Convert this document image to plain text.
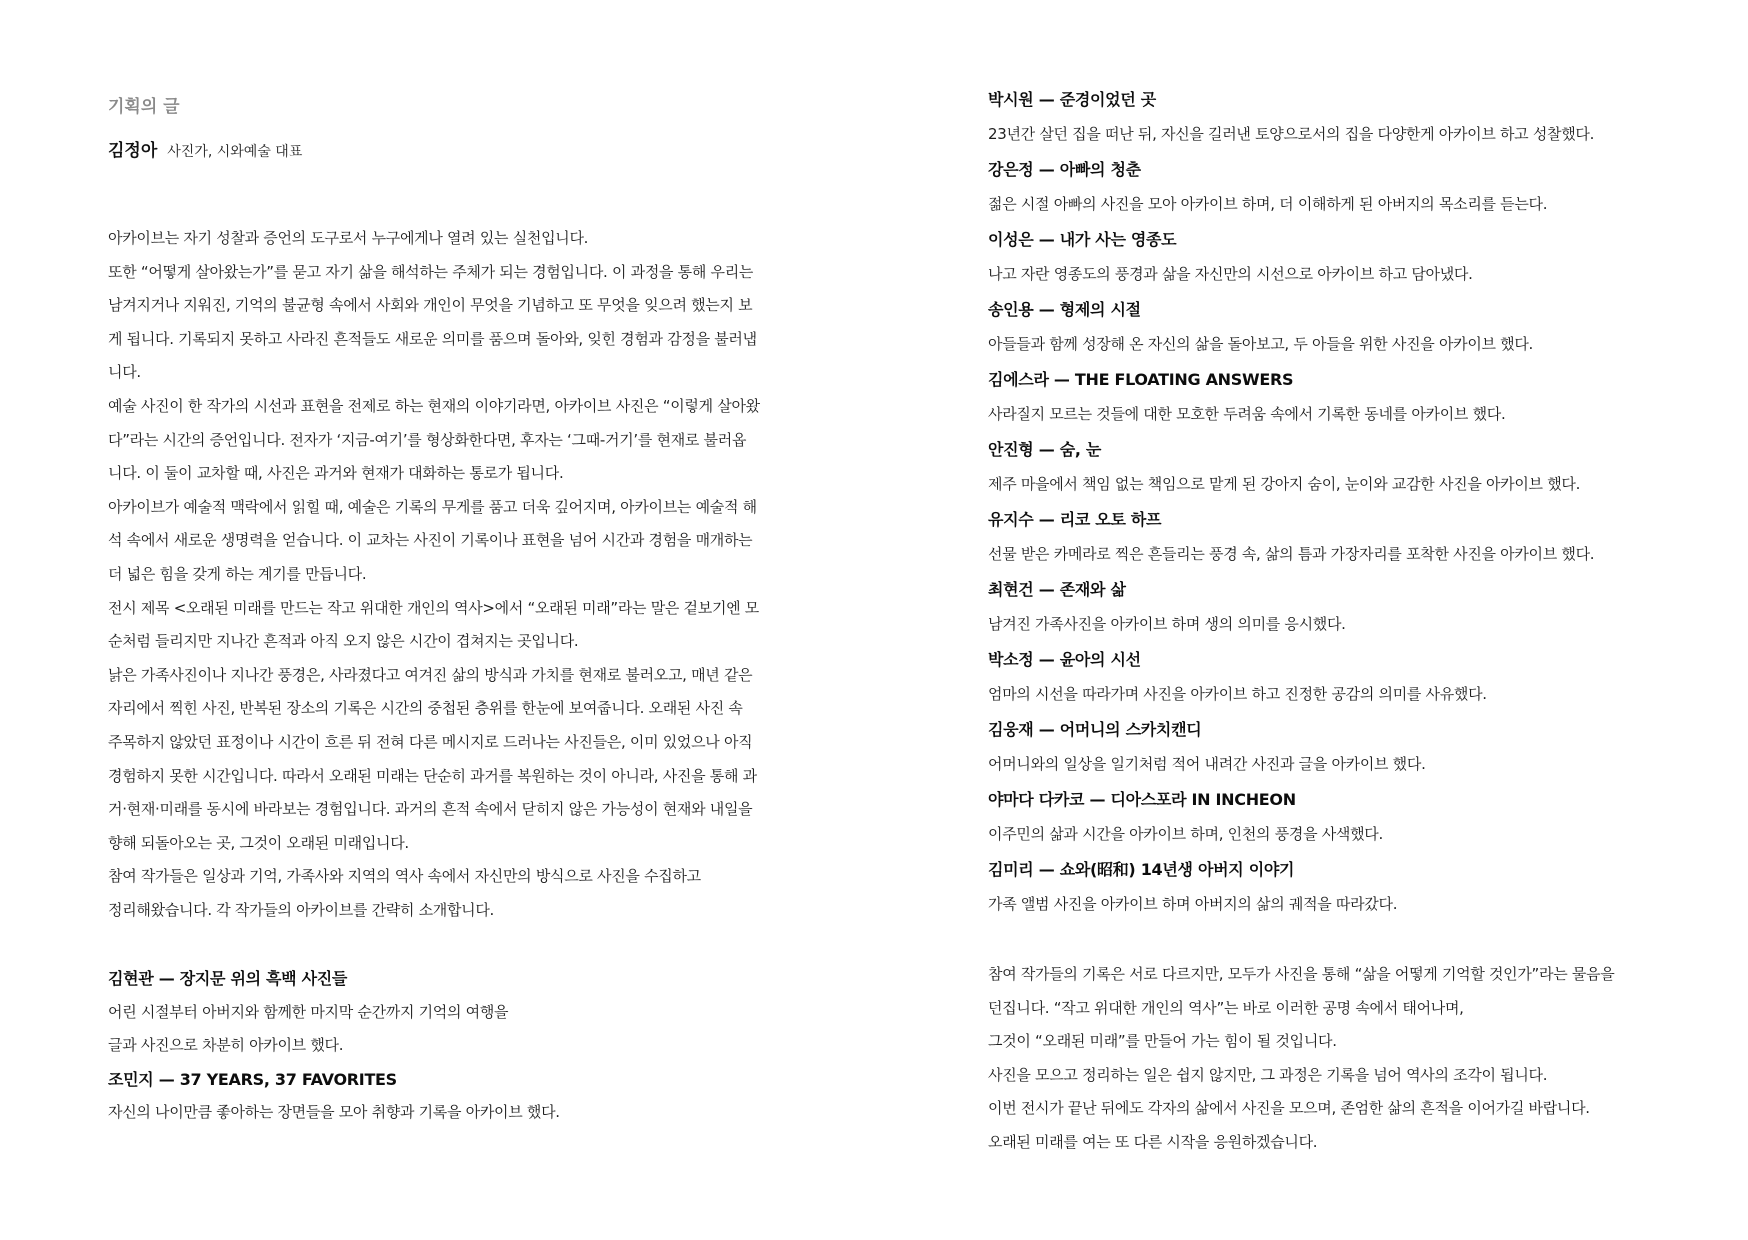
기획의 글
김정아 사진가, 시와예술 대표
아카이브는 자기 성찰과 증언의 도구로서 누구에게나 열려 있는 실천입니다.
또한 “어떻게 살아왔는가”를 묻고 자기 삶을 해석하는 주체가 되는 경험입니다. 이 과정을 통해 우리는
남겨지거나 지워진, 기억의 불균형 속에서 사회와 개인이 무엇을 기념하고 또 무엇을 잊으려 했는지 보
게 됩니다. 기록되지 못하고 사라진 흔적들도 새로운 의미를 품으며 돌아와, 잊힌 경험과 감정을 불러냅
니다.
예술 사진이 한 작가의 시선과 표현을 전제로 하는 현재의 이야기라면, 아카이브 사진은 “이렇게 살아왔
다”라는 시간의 증언입니다. 전자가 ‘지금-여기’를 형상화한다면, 후자는 ‘그때-거기’를 현재로 불러옵
니다. 이 둘이 교차할 때, 사진은 과거와 현재가 대화하는 통로가 됩니다.
아카이브가 예술적 맥락에서 읽힐 때, 예술은 기록의 무게를 품고 더욱 깊어지며, 아카이브는 예술적 해
석 속에서 새로운 생명력을 얻습니다. 이 교차는 사진이 기록이나 표현을 넘어 시간과 경험을 매개하는
더 넓은 힘을 갖게 하는 계기를 만듭니다.
전시 제목 <오래된 미래를 만드는 작고 위대한 개인의 역사>에서 “오래된 미래”라는 말은 겉보기엔 모
순처럼 들리지만 지나간 흔적과 아직 오지 않은 시간이 겹쳐지는 곳입니다.
낡은 가족사진이나 지나간 풍경은, 사라졌다고 여겨진 삶의 방식과 가치를 현재로 불러오고, 매년 같은
자리에서 찍힌 사진, 반복된 장소의 기록은 시간의 중첩된 층위를 한눈에 보여줍니다. 오래된 사진 속
주목하지 않았던 표정이나 시간이 흐른 뒤 전혀 다른 메시지로 드러나는 사진들은, 이미 있었으나 아직
경험하지 못한 시간입니다. 따라서 오래된 미래는 단순히 과거를 복원하는 것이 아니라, 사진을 통해 과
거·현재·미래를 동시에 바라보는 경험입니다. 과거의 흔적 속에서 닫히지 않은 가능성이 현재와 내일을
향해 되돌아오는 곳, 그것이 오래된 미래입니다.
참여 작가들은 일상과 기억, 가족사와 지역의 역사 속에서 자신만의 방식으로 사진을 수집하고
정리해왔습니다. 각 작가들의 아카이브를 간략히 소개합니다.
김현관 — 장지문 위의 흑백 사진들
어린 시절부터 아버지와 함께한 마지막 순간까지 기억의 여행을
글과 사진으로 차분히 아카이브 했다.
조민지 — 37 YEARS, 37 FAVORITES
자신의 나이만큼 좋아하는 장면들을 모아 취향과 기록을 아카이브 했다.
박시원 — 준경이었던 곳
23년간 살던 집을 떠난 뒤, 자신을 길러낸 토양으로서의 집을 다양한게 아카이브 하고 성찰했다.
강은정 — 아빠의 청춘
젊은 시절 아빠의 사진을 모아 아카이브 하며, 더 이해하게 된 아버지의 목소리를 듣는다.
이성은 — 내가 사는 영종도
나고 자란 영종도의 풍경과 삶을 자신만의 시선으로 아카이브 하고 담아냈다.
송인용 — 형제의 시절
아들들과 함께 성장해 온 자신의 삶을 돌아보고, 두 아들을 위한 사진을 아카이브 했다.
김에스라 — THE FLOATING ANSWERS
사라질지 모르는 것들에 대한 모호한 두려움 속에서 기록한 동네를 아카이브 했다.
안진형 — 숨, 눈
제주 마을에서 책임 없는 책임으로 맡게 된 강아지 숨이, 눈이와 교감한 사진을 아카이브 했다.
유지수 — 리코 오토 하프
선물 받은 카메라로 찍은 흔들리는 풍경 속, 삶의 틈과 가장자리를 포착한 사진을 아카이브 했다.
최현건 — 존재와 삶
남겨진 가족사진을 아카이브 하며 생의 의미를 응시했다.
박소정 — 윤아의 시선
엄마의 시선을 따라가며 사진을 아카이브 하고 진정한 공감의 의미를 사유했다.
김웅재 — 어머니의 스카치캔디
어머니와의 일상을 일기처럼 적어 내려간 사진과 글을 아카이브 했다.
야마다 다카코 — 디아스포라 IN INCHEON
이주민의 삶과 시간을 아카이브 하며, 인천의 풍경을 사색했다.
김미리 — 쇼와(昭和) 14년생 아버지 이야기
가족 앨범 사진을 아카이브 하며 아버지의 삶의 궤적을 따라갔다.
참여 작가들의 기록은 서로 다르지만, 모두가 사진을 통해 “삶을 어떻게 기억할 것인가”라는 물음을
던집니다. “작고 위대한 개인의 역사”는 바로 이러한 공명 속에서 태어나며,
그것이 “오래된 미래”를 만들어 가는 힘이 될 것입니다.
사진을 모으고 정리하는 일은 쉽지 않지만, 그 과정은 기록을 넘어 역사의 조각이 됩니다.
이번 전시가 끝난 뒤에도 각자의 삶에서 사진을 모으며, 존엄한 삶의 흔적을 이어가길 바랍니다.
오래된 미래를 여는 또 다른 시작을 응원하겠습니다.
